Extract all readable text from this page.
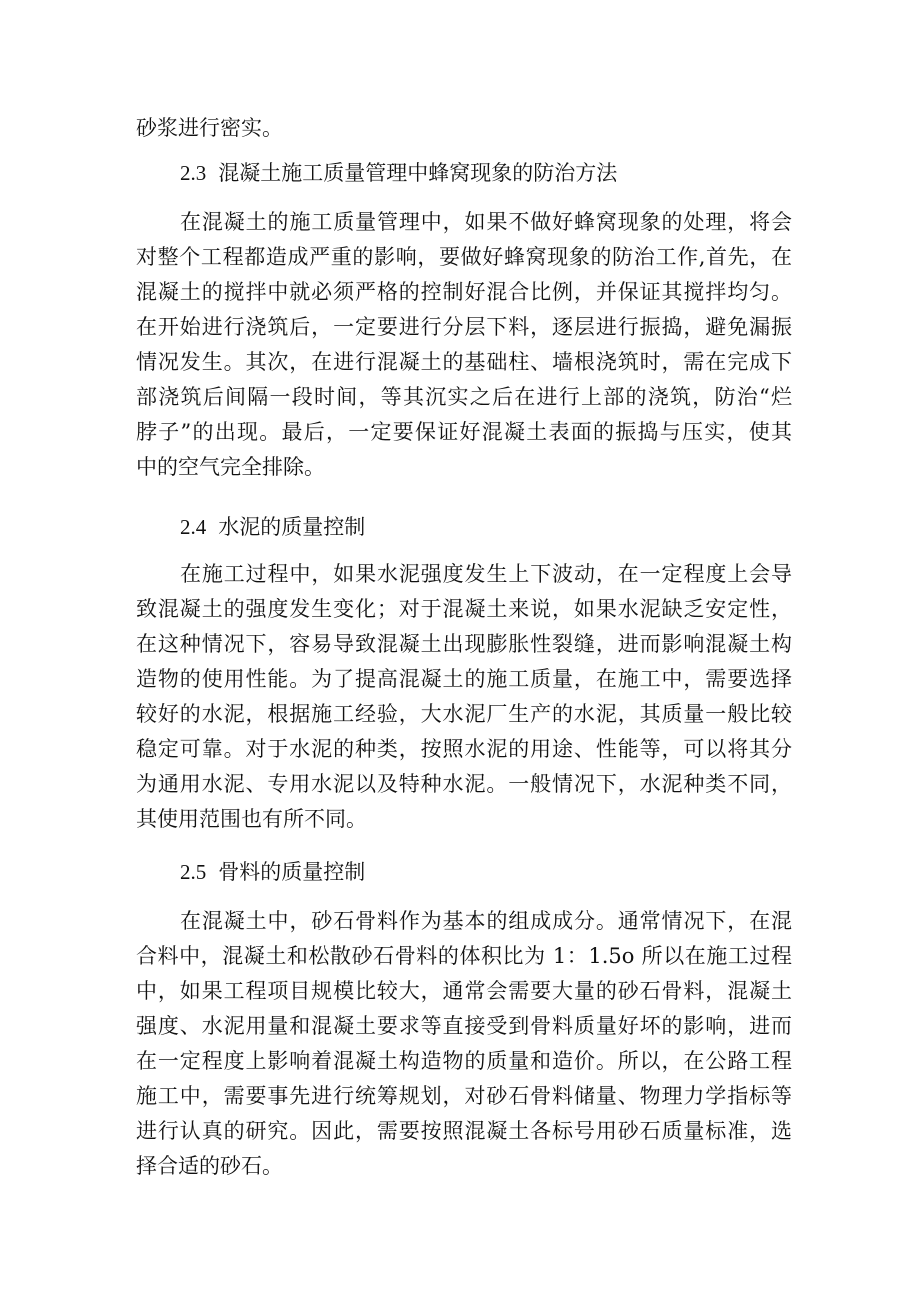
砂浆进行密实。
2.3 混凝土施工质量管理中蜂窝现象的防治方法
在混凝土的施工质量管理中，如果不做好蜂窝现象的处理，将会
对整个工程都造成严重的影响，要做好蜂窝现象的防治工作,首先，在
混凝土的搅拌中就必须严格的控制好混合比例，并保证其搅拌均匀。
在开始进行浇筑后，一定要进行分层下料，逐层进行振捣，避免漏振
情况发生。其次，在进行混凝土的基础柱、墙根浇筑时，需在完成下
部浇筑后间隔一段时间，等其沉实之后在进行上部的浇筑，防治“烂
脖子”的出现。最后，一定要保证好混凝土表面的振捣与压实，使其
中的空气完全排除。
2.4 水泥的质量控制
在施工过程中，如果水泥强度发生上下波动，在一定程度上会导
致混凝土的强度发生变化；对于混凝土来说，如果水泥缺乏安定性，
在这种情况下，容易导致混凝土出现膨胀性裂缝，进而影响混凝土构
造物的使用性能。为了提高混凝土的施工质量，在施工中，需要选择
较好的水泥，根据施工经验，大水泥厂生产的水泥，其质量一般比较
稳定可靠。对于水泥的种类，按照水泥的用途、性能等，可以将其分
为通用水泥、专用水泥以及特种水泥。一般情况下，水泥种类不同，
其使用范围也有所不同。
2.5 骨料的质量控制
在混凝土中，砂石骨料作为基本的组成成分。通常情况下，在混
合料中，混凝土和松散砂石骨料的体积比为 1：1.5o 所以在施工过程
中，如果工程项目规模比较大，通常会需要大量的砂石骨料，混凝土
强度、水泥用量和混凝土要求等直接受到骨料质量好坏的影响，进而
在一定程度上影响着混凝土构造物的质量和造价。所以，在公路工程
施工中，需要事先进行统筹规划，对砂石骨料储量、物理力学指标等
进行认真的研究。因此，需要按照混凝土各标号用砂石质量标准，选
择合适的砂石。
